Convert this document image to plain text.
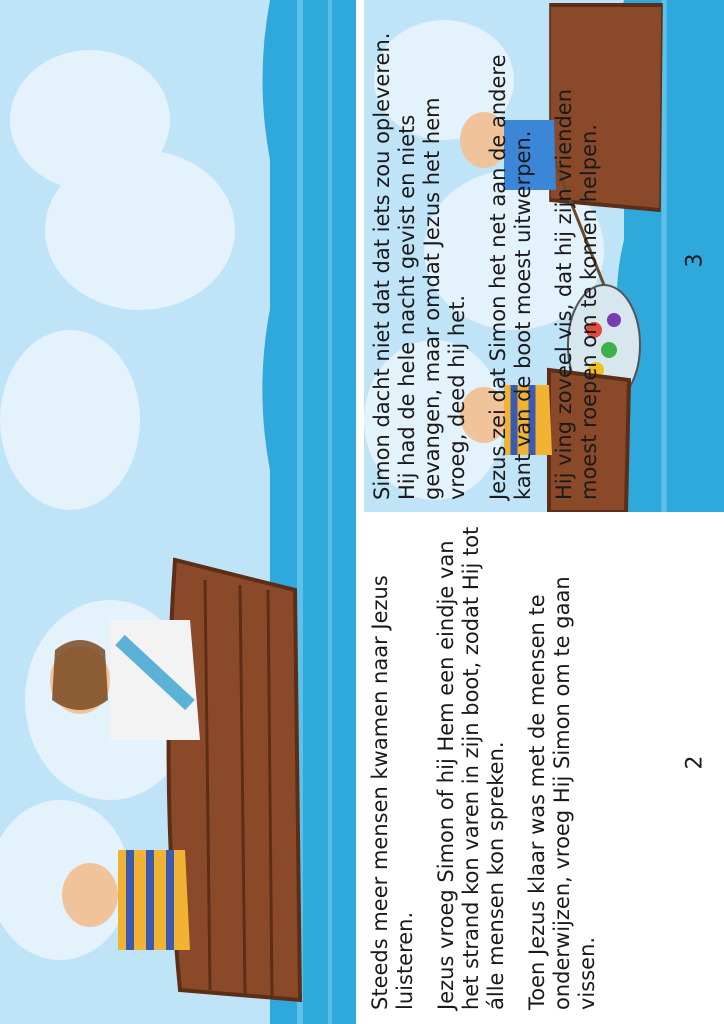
Steeds meer mensen kwamen naar Jezus luisteren. Jezus vroeg Simon of hij Hem een eindje van het strand kon varen in zijn boot, zodat Hij tot álle mensen kon spreken. Toen Jezus klaar was met de mensen te onderwijzen, vroeg Hij Simon om te gaan vissen.

Simon dacht niet dat dat iets zou opleveren. Hij had de hele nacht gevist en niets gevangen, maar omdat Jezus het hem vroeg, deed hij het. Jezus zei dat Simon het net aan de andere kant van de boot moest uitwerpen. Hij ving zoveel vis, dat hij zijn vrienden moest roepen om te komen helpen.

2
3
